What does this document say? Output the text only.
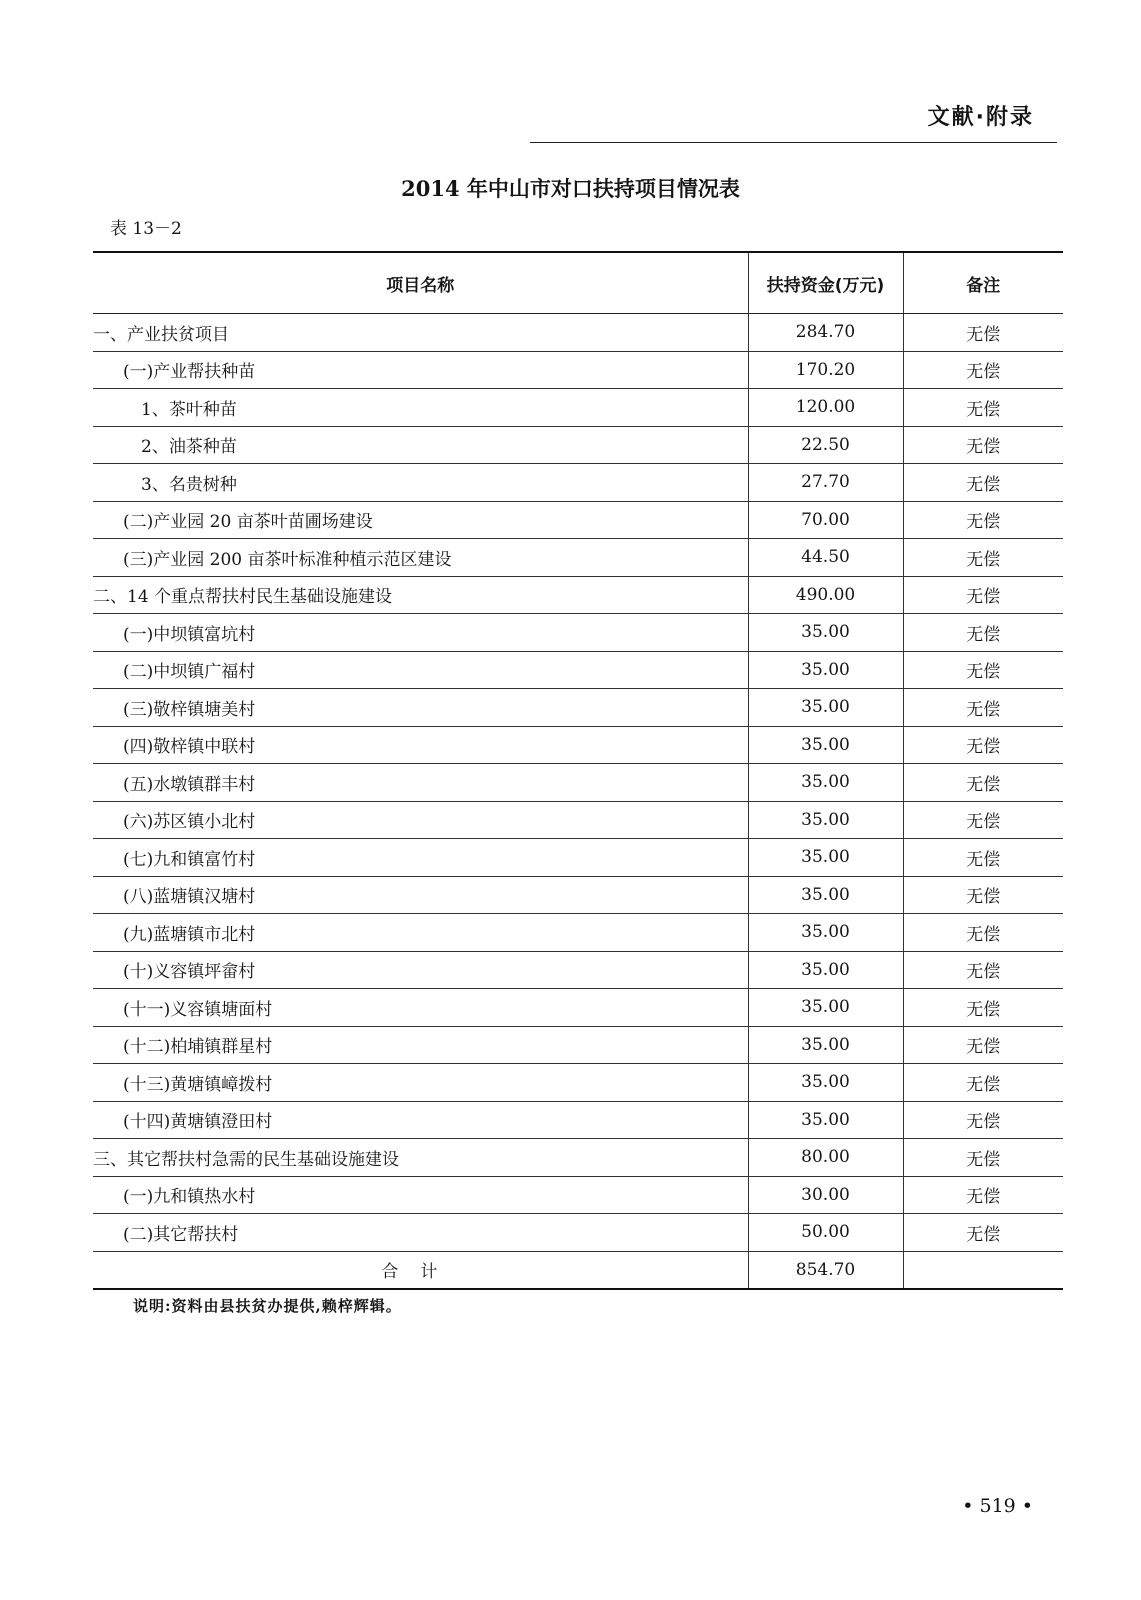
文献·附录
2014 年中山市对口扶持项目情况表
表 13－2
项目名称	扶持资金(万元)	备注
一、产业扶贫项目	284.70	无偿
(一)产业帮扶种苗	170.20	无偿
1、茶叶种苗	120.00	无偿
2、油茶种苗	22.50	无偿
3、名贵树种	27.70	无偿
(二)产业园 20 亩茶叶苗圃场建设	70.00	无偿
(三)产业园 200 亩茶叶标准种植示范区建设	44.50	无偿
二、14 个重点帮扶村民生基础设施建设	490.00	无偿
(一)中坝镇富坑村	35.00	无偿
(二)中坝镇广福村	35.00	无偿
(三)敬梓镇塘美村	35.00	无偿
(四)敬梓镇中联村	35.00	无偿
(五)水墩镇群丰村	35.00	无偿
(六)苏区镇小北村	35.00	无偿
(七)九和镇富竹村	35.00	无偿
(八)蓝塘镇汉塘村	35.00	无偿
(九)蓝塘镇市北村	35.00	无偿
(十)义容镇坪畲村	35.00	无偿
(十一)义容镇塘面村	35.00	无偿
(十二)柏埔镇群星村	35.00	无偿
(十三)黄塘镇嶂拨村	35.00	无偿
(十四)黄塘镇澄田村	35.00	无偿
三、其它帮扶村急需的民生基础设施建设	80.00	无偿
(一)九和镇热水村	30.00	无偿
(二)其它帮扶村	50.00	无偿
合计	854.70	
说明:资料由县扶贫办提供,赖梓辉辑。
• 519 •
